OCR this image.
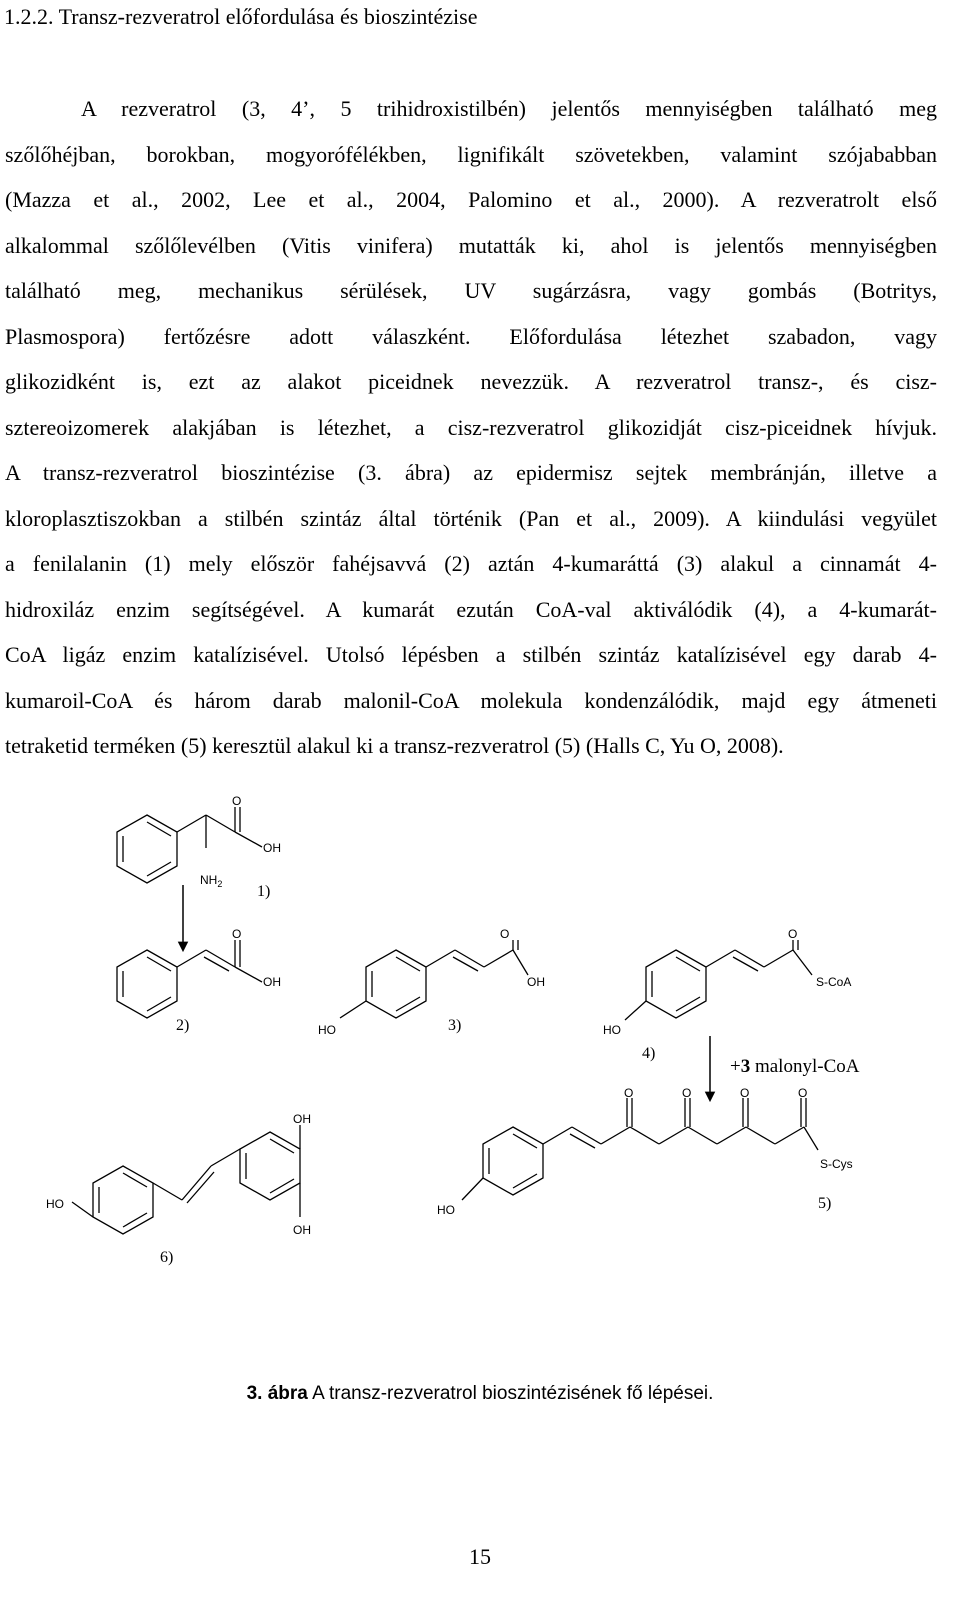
1.2.2. Transz-rezveratrol előfordulása és bioszintézise
A rezveratrol (3, 4’, 5 trihidroxistilbén) jelentős mennyiségben található meg
szőlőhéjban, borokban, mogyorófélékben, lignifikált szövetekben, valamint szójababban
(Mazza et al., 2002, Lee et al., 2004, Palomino et al., 2000). A rezveratrolt első
alkalommal szőlőlevélben (Vitis vinifera) mutatták ki, ahol is jelentős mennyiségben
található meg, mechanikus sérülések, UV sugárzásra, vagy gombás (Botritys,
Plasmospora) fertőzésre adott válaszként. Előfordulása létezhet szabadon, vagy
glikozidként is, ezt az alakot piceidnek nevezzük. A rezveratrol transz-, és cisz-
sztereoizomerek alakjában is létezhet, a cisz-rezveratrol glikozidját cisz-piceidnek hívjuk.
A transz-rezveratrol bioszintézise (3. ábra) az epidermisz sejtek membránján, illetve a
kloroplasztiszokban a stilbén szintáz által történik (Pan et al., 2009). A kiindulási vegyület
a fenilalanin (1) mely először fahéjsavvá (2) aztán 4-kumaráttá (3) alakul a cinnamát 4-
hidroxiláz enzim segítségével. A kumarát ezután CoA-val aktiválódik (4), a 4-kumarát-
CoA ligáz enzim katalízisével. Utolsó lépésben a stilbén szintáz katalízisével egy darab 4-
kumaroil-CoA és három darab malonil-CoA molekula kondenzálódik, majd egy átmeneti
tetraketid terméken (5) keresztül alakul ki a transz-rezveratrol (5) (Halls C, Yu O, 2008).
O
OH
$NH_2$ 1)
O
OH
2)
O
OH
HO	3)
O
S-CoA
HO
4)
+3 malonyl-CoA
O	O	O	O
S-Cys
HO	5)
OH
OH
HO
6)
3. ábra A transz-rezveratrol bioszintézisének fő lépései.
15
